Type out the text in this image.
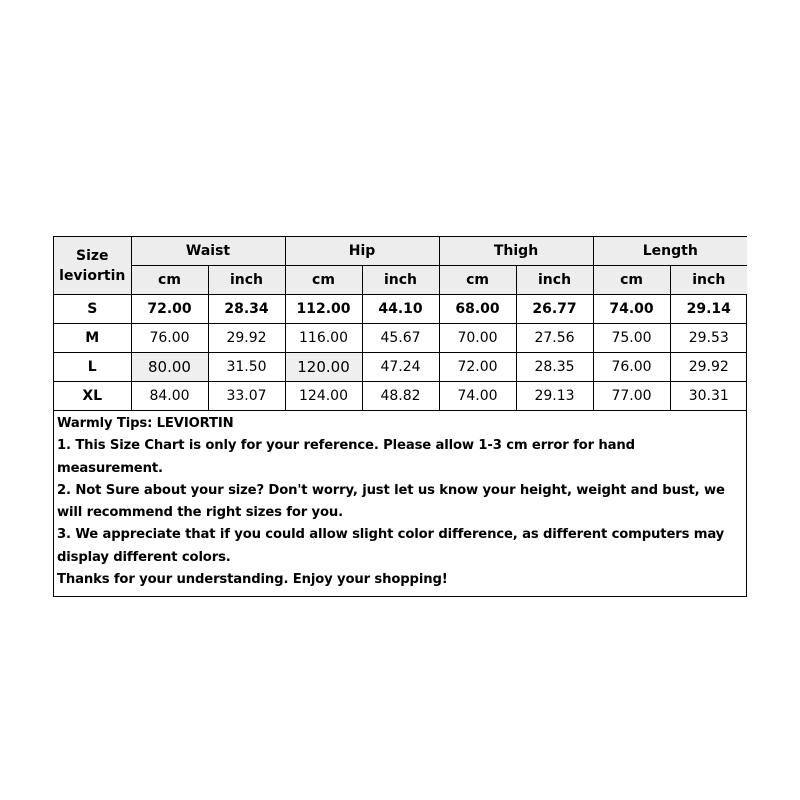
Size
leviortin	Waist		Hip		Thigh		Length	
	cm	inch	cm	inch	cm	inch	cm	inch
S	72.00	28.34	112.00	44.10	68.00	26.77	74.00	29.14
M	76.00	29.92	116.00	45.67	70.00	27.56	75.00	29.53
L	80.00	31.50	120.00	47.24	72.00	28.35	76.00	29.92
XL	84.00	33.07	124.00	48.82	74.00	29.13	77.00	30.31
Warmly Tips: LEVIORTIN
1. This Size Chart is only for your reference. Please allow 1-3 cm error for hand measurement.
2. Not Sure about your size? Don't worry, just let us know your height, weight and bust, we will recommend the right sizes for you.
3. We appreciate that if you could allow slight color difference, as different computers may display different colors.
Thanks for your understanding. Enjoy your shopping!
